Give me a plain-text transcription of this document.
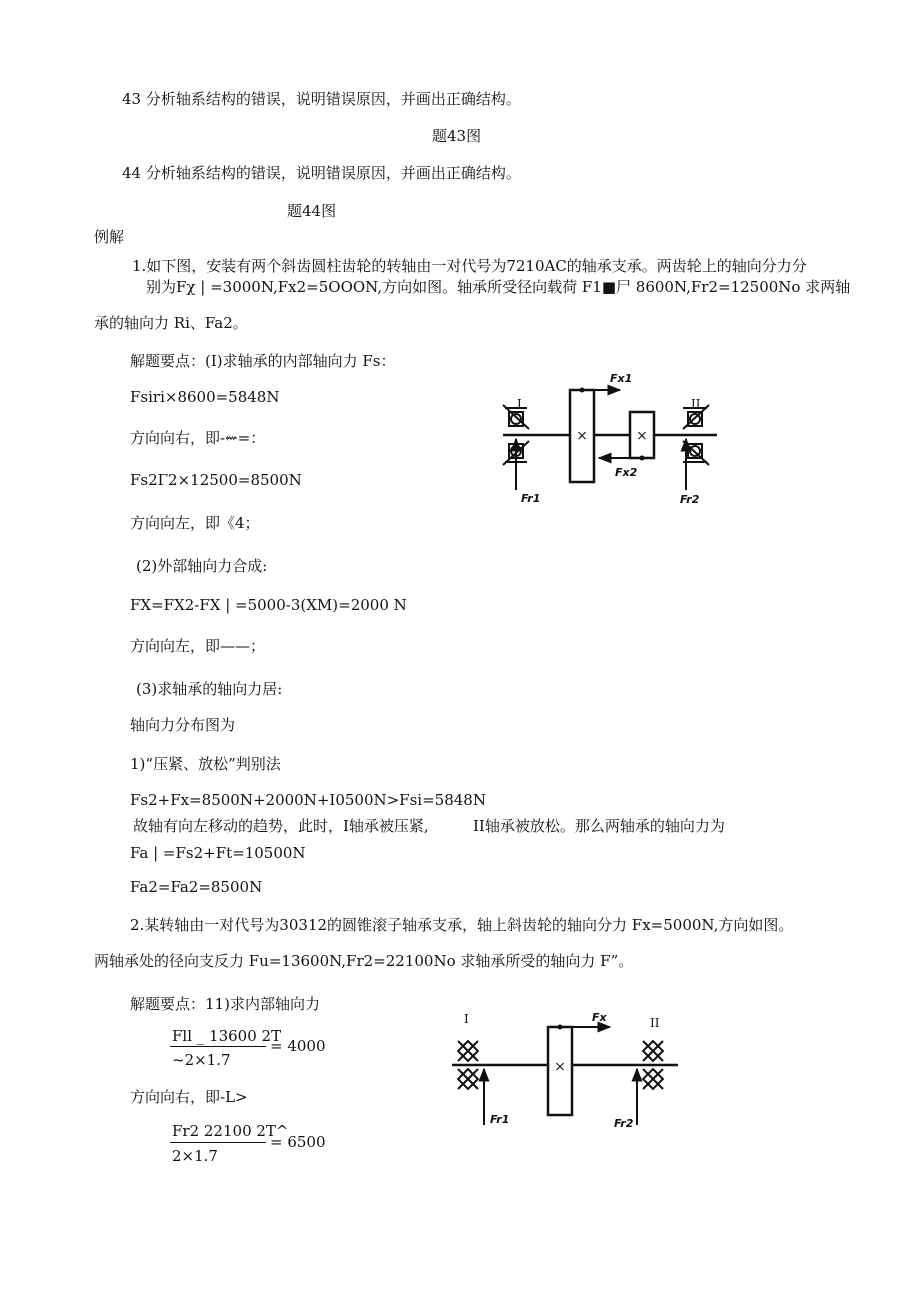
43 分析轴系结构的错误，说明错误原因，并画出正确结构。
题43图
44 分析轴系结构的错误，说明错误原因，并画出正确结构。
题44图
例解
1.如下图，安装有两个斜齿圆柱齿轮的转轴由一对代号为7210AC的轴承支承。两齿轮上的轴向分力分
别为Fχ | =3000N,Fx2=5OOON,方向如图。轴承所受径向载荷 F1■尸 8600N,Fr2=12500No 求两轴
承的轴向力 Ri、Fa2。
解题要点：(I)求轴承的内部轴向力 Fs：
Fsiri×8600=5848N
方向向右，即-⇜=：
Fs2Γ2×12500=8500N
方向向左，即《4；
(2)外部轴向力合成:
FX=FX2-FX | =5000-3(XM)=2000 N
方向向左，即——；
(3)求轴承的轴向力居:
轴向力分布图为
1)“压紧、放松”判别法
Fs2+Fx=8500N+2000N+I0500N>Fsi=5848N
故轴有向左移动的趋势，此时，I轴承被压紧,	II轴承被放松。那么两轴承的轴向力为
Fa | =Fs2+Ft=10500N
Fa2=Fa2=8500N
2.某转轴由一对代号为30312的圆锥滚子轴承支承，轴上斜齿轮的轴向分力 Fx=5000N,方向如图。
两轴承处的径向支反力 Fu=13600N,Fr2=22100No 求轴承所受的轴向力 F”。
解题要点：11)求内部轴向力
Fll _ 13600 2T
~2×1.7
= 4000
方向向右，即-L>
Fr2 22100 2T^
2×1.7
= 6500
×	×
I	II
Fx1
Fx2
Fr1	Fr2
×
I	II
Fx
Fr1	Fr2
